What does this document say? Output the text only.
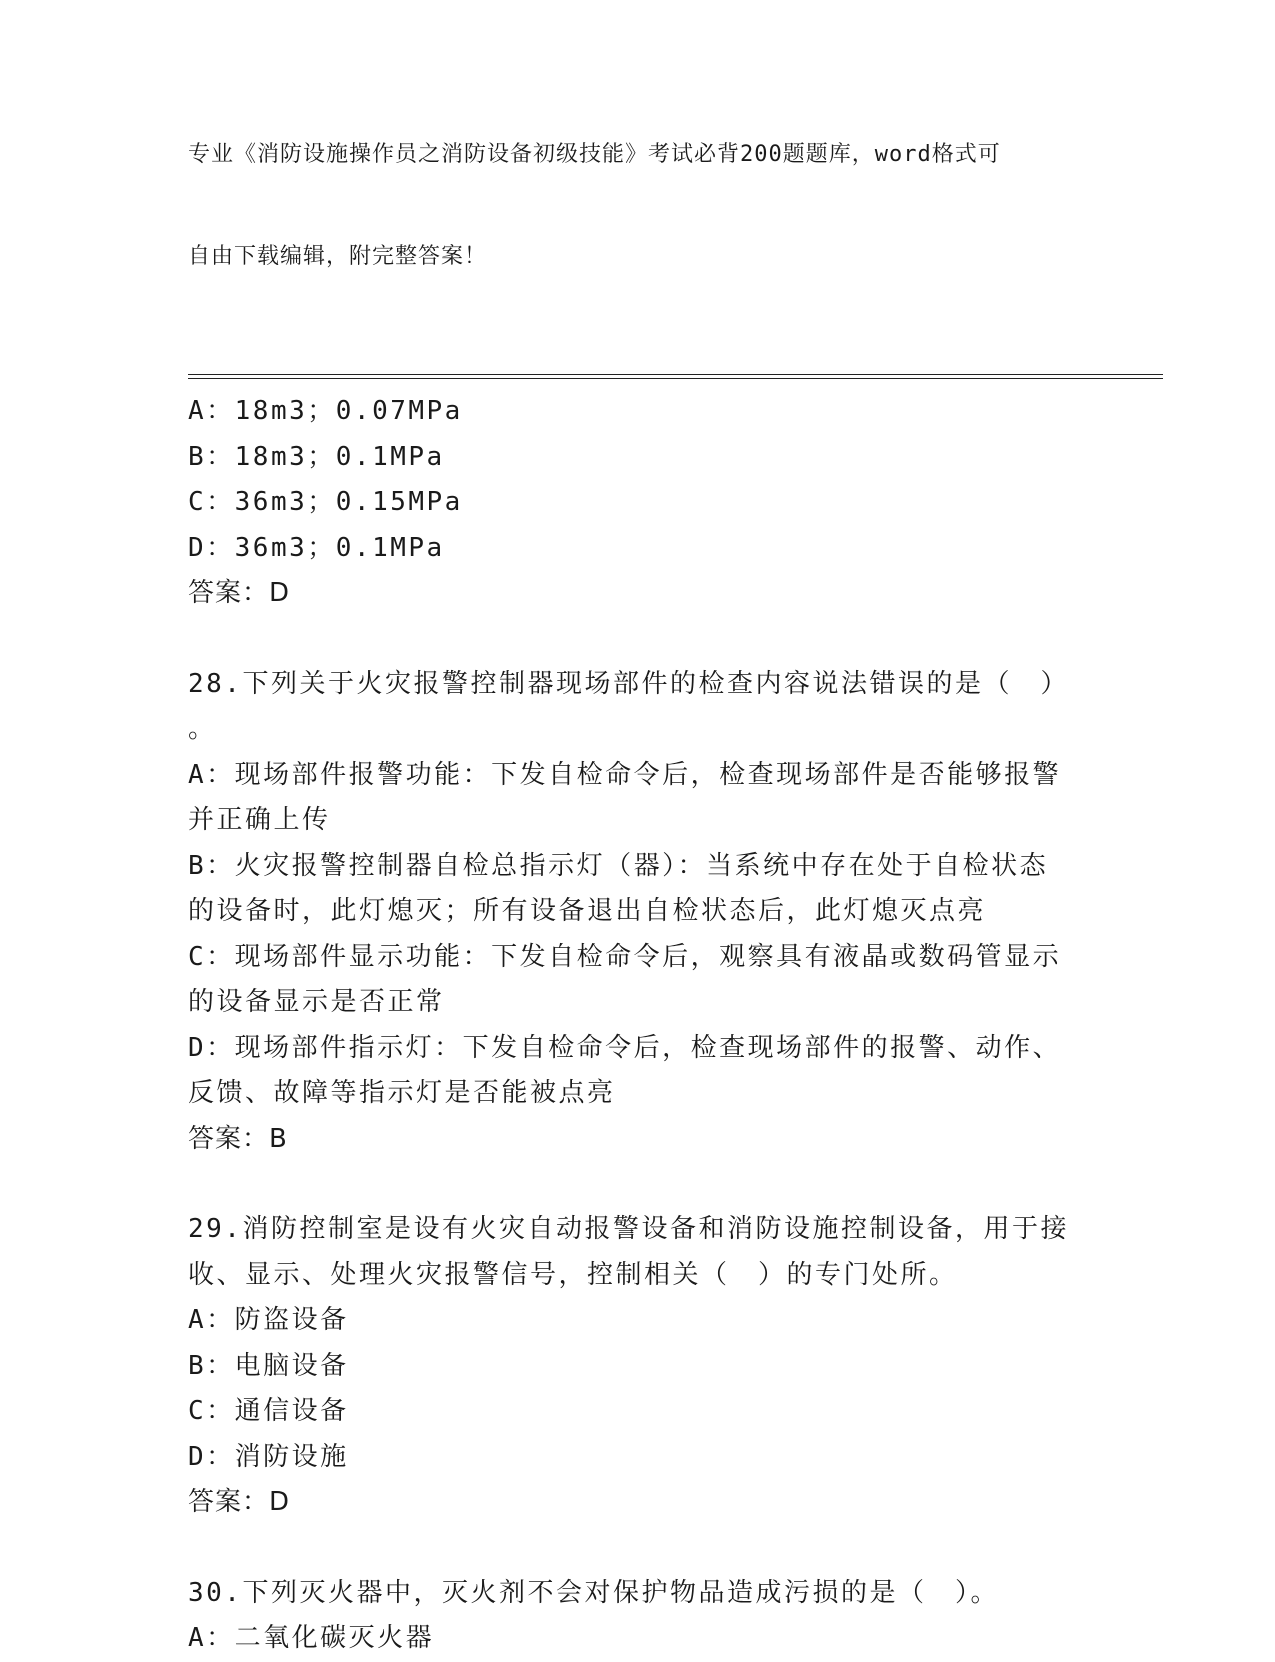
专业《消防设施操作员之消防设备初级技能》考试必背200题题库，word格式可

自由下载编辑，附完整答案！

A：18m3；0.07MPa
B：18m3；0.1MPa
C：36m3；0.15MPa
D：36m3；0.1MPa
答案：D
28.下列关于火灾报警控制器现场部件的检查内容说法错误的是（　）
。
A：现场部件报警功能：下发自检命令后，检查现场部件是否能够报警
并正确上传
B：火灾报警控制器自检总指示灯（器）：当系统中存在处于自检状态
的设备时，此灯熄灭；所有设备退出自检状态后，此灯熄灭点亮
C：现场部件显示功能：下发自检命令后，观察具有液晶或数码管显示
的设备显示是否正常
D：现场部件指示灯：下发自检命令后，检查现场部件的报警、动作、
反馈、故障等指示灯是否能被点亮
答案：B
29.消防控制室是设有火灾自动报警设备和消防设施控制设备，用于接
收、显示、处理火灾报警信号，控制相关（　）的专门处所。
A：防盗设备
B：电脑设备
C：通信设备
D：消防设施
答案：D
30.下列灭火器中，灭火剂不会对保护物品造成污损的是（　）。
A：二氧化碳灭火器
